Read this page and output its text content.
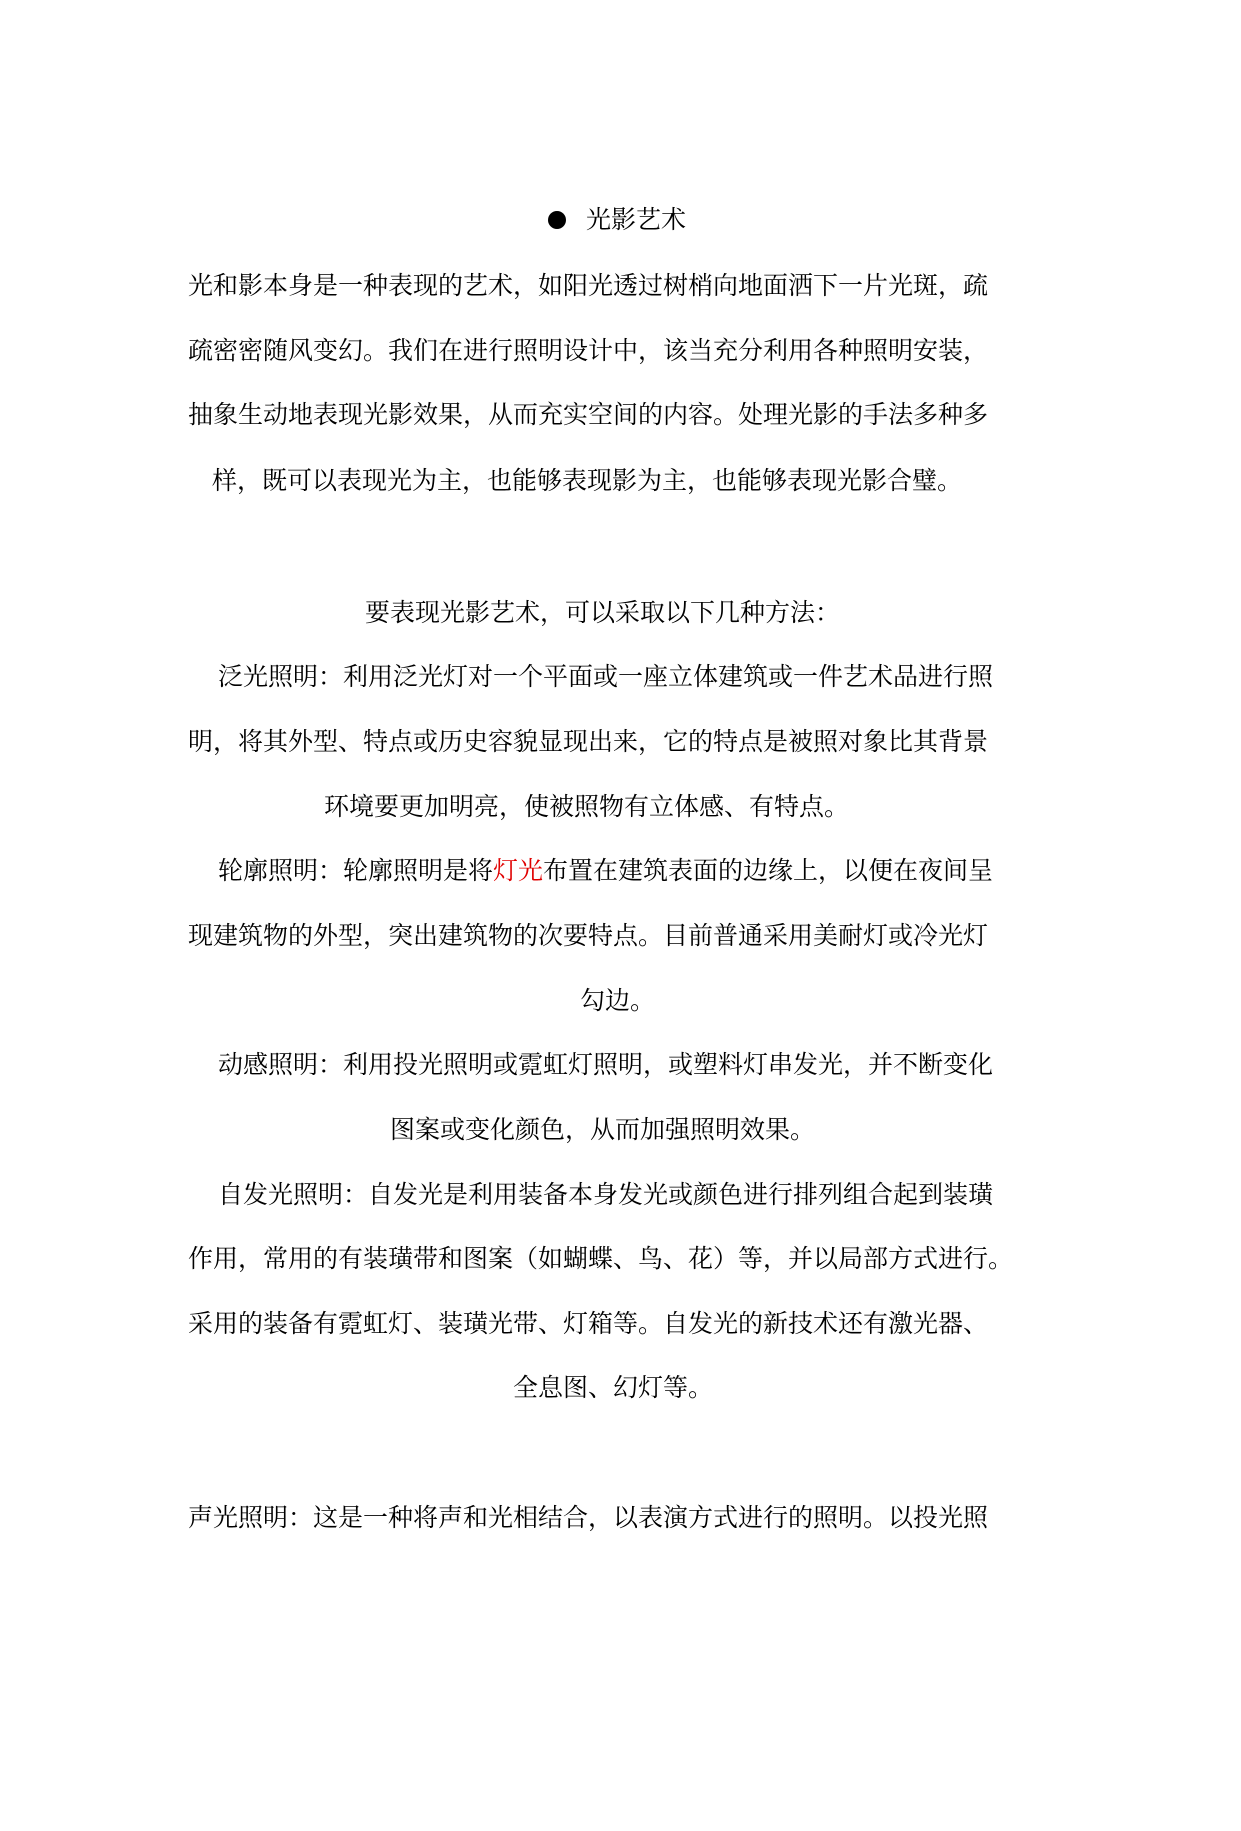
光影艺术
光和影本身是一种表现的艺术，如阳光透过树梢向地面洒下一片光斑，疏
疏密密随风变幻。我们在进行照明设计中，该当充分利用各种照明安装，
抽象生动地表现光影效果，从而充实空间的内容。处理光影的手法多种多
样，既可以表现光为主，也能够表现影为主，也能够表现光影合璧。
要表现光影艺术，可以采取以下几种方法：
泛光照明：利用泛光灯对一个平面或一座立体建筑或一件艺术品进行照
明，将其外型、特点或历史容貌显现出来，它的特点是被照对象比其背景
环境要更加明亮，使被照物有立体感、有特点。
轮廓照明：轮廓照明是将灯光布置在建筑表面的边缘上，以便在夜间呈
现建筑物的外型，突出建筑物的次要特点。目前普通采用美耐灯或冷光灯
勾边。
动感照明：利用投光照明或霓虹灯照明，或塑料灯串发光，并不断变化
图案或变化颜色，从而加强照明效果。
自发光照明：自发光是利用装备本身发光或颜色进行排列组合起到装璜
作用，常用的有装璜带和图案（如蝴蝶、鸟、花）等，并以局部方式进行。
采用的装备有霓虹灯、装璜光带、灯箱等。自发光的新技术还有激光器、
全息图、幻灯等。
声光照明：这是一种将声和光相结合，以表演方式进行的照明。以投光照
